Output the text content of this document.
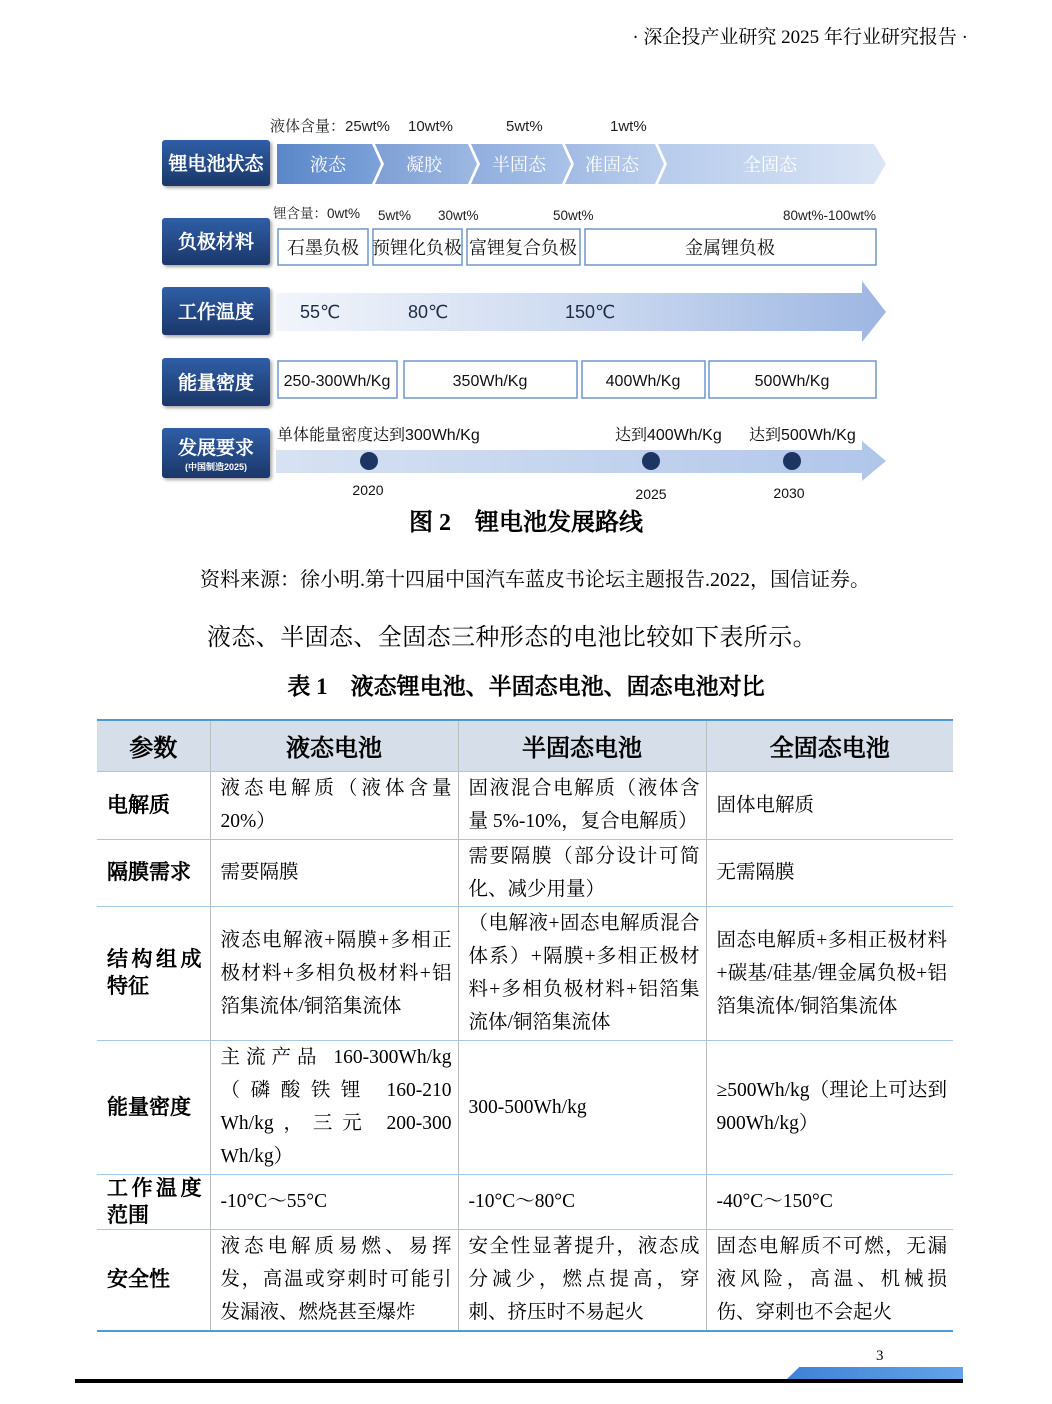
· 深企投产业研究 2025 年行业研究报告 ·
锂电池状态
液体含量：25wt% 10wt%	5wt%	1wt%
液态	凝胶	半固态 准固态	全固态
负极材料
锂含量：0wt% 5wt% 30wt%	50wt%	80wt%-100wt%
石墨负极 预锂化负极 富锂复合负极	金属锂负极
工作温度	55℃	80℃	150℃
能量密度 250-300Wh/Kg	350Wh/Kg	400Wh/Kg	500Wh/Kg
发展要求
(中国制造2025)
单体能量密度达到300Wh/Kg	达到400Wh/Kg 达到500Wh/Kg
2020	2025	2030
图 2　锂电池发展路线
资料来源：徐小明.第十四届中国汽车蓝皮书论坛主题报告.2022，国信证券。
液态、半固态、全固态三种形态的电池比较如下表所示。
表 1　液态锂电池、半固态电池、固态电池对比
参数	液态电池	半固态电池	全固态电池
电解质	液态电解质（液体含量20%）	固液混合电解质（液体含量 5%-10%，复合电解质）	固体电解质
隔膜需求	需要隔膜	需要隔膜（部分设计可简化、减少用量）	无需隔膜
结构组成特征	液态电解液+隔膜+多相正极材料+多相负极材料+铝箔集流体/铜箔集流体	（电解液+固态电解质混合体系）+隔膜+多相正极材料+多相负极材料+铝箔集流体/铜箔集流体	固态电解质+多相正极材料+碳基/硅基/锂金属负极+铝箔集流体/铜箔集流体
能量密度	主流产品 160-300Wh/kg（磷酸铁锂 160-210 Wh/kg，三元 200-300 Wh/kg）	300-500Wh/kg	≥500Wh/kg（理论上可达到 900Wh/kg）
工作温度范围	-10°C～55°C	-10°C～80°C	-40°C～150°C
安全性	液态电解质易燃、易挥发，高温或穿刺时可能引发漏液、燃烧甚至爆炸	安全性显著提升，液态成分减少，燃点提高，穿刺、挤压时不易起火	固态电解质不可燃，无漏液风险，高温、机械损伤、穿刺也不会起火
3
